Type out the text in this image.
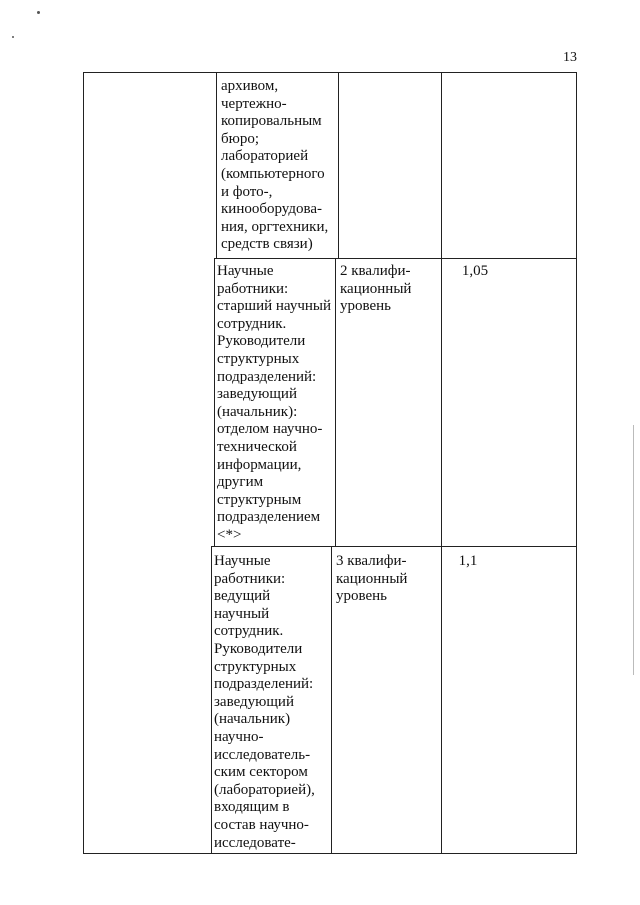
13
архивом,
чертежно-
копировальным
бюро;
лабораторией
(компьютерного
и фото-,
кинооборудова-
ния, оргтехники,
средств связи)
Научные
работники:
старший научный
сотрудник.
Руководители
структурных
подразделений:
заведующий
(начальник):
отделом научно-
технической
информации,
другим
структурным
подразделением
<*>
2 квалифи-
кационный
уровень
1,05
Научные
работники:
ведущий
научный
сотрудник.
Руководители
структурных
подразделений:
заведующий
(начальник)
научно-
исследователь-
ским сектором
(лабораторией),
входящим в
состав научно-
исследовате-
3 квалифи-
кационный
уровень
1,1
